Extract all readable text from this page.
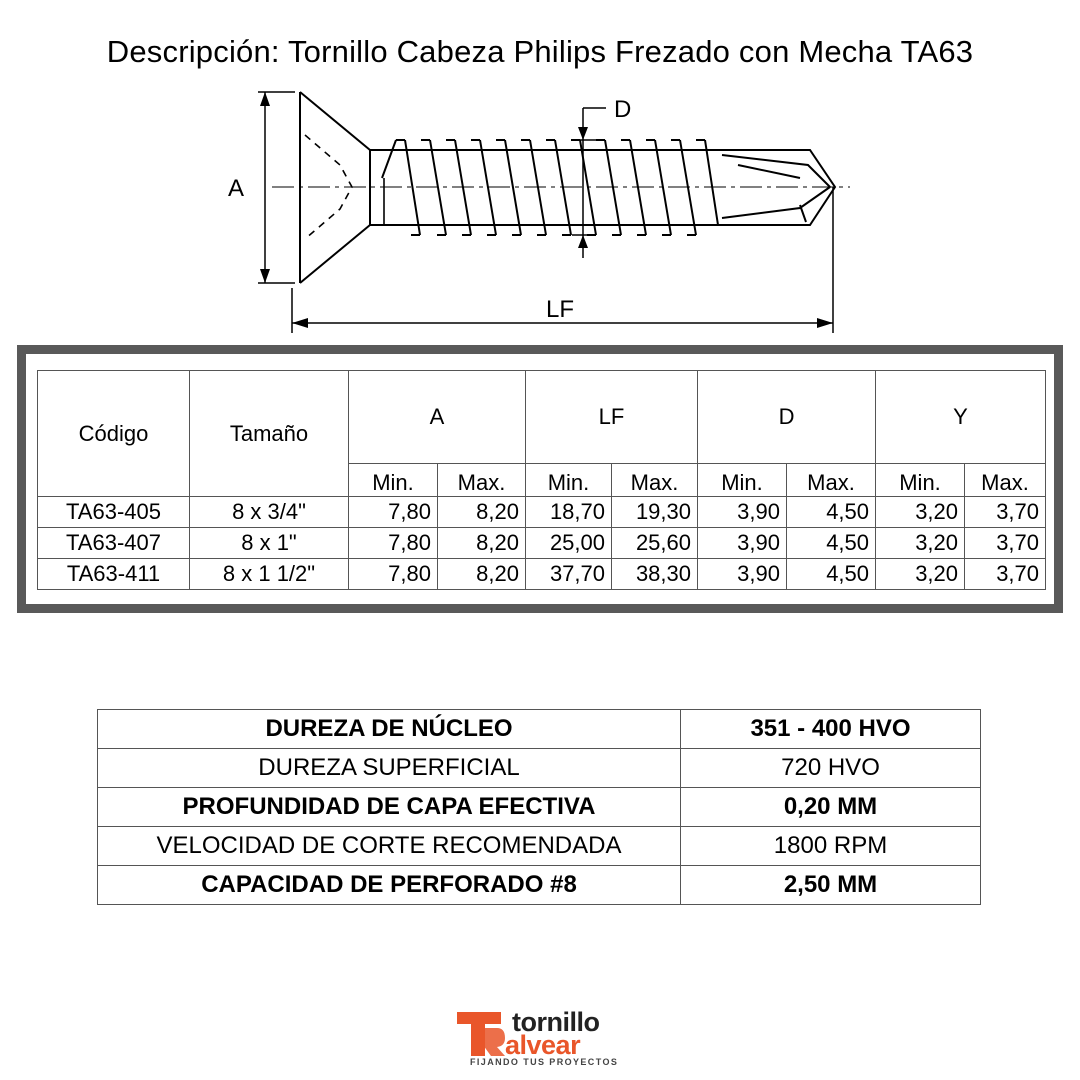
Descripción: Tornillo Cabeza Philips Frezado con Mecha TA63
A
D
LF
Código	Tamaño	A		LF		D		Y	
		Min.	Max.	Min.	Max.	Min.	Max.	Min.	Max.
TA63-405	8 x 3/4"	7,80	8,20	18,70	19,30	3,90	4,50	3,20	3,70
TA63-407	8 x 1"	7,80	8,20	25,00	25,60	3,90	4,50	3,20	3,70
TA63-411	8 x 1 1/2"	7,80	8,20	37,70	38,30	3,90	4,50	3,20	3,70
DUREZA DE NÚCLEO	351 - 400 HVO
DUREZA SUPERFICIAL	720 HVO
PROFUNDIDAD DE CAPA EFECTIVA	0,20 MM
VELOCIDAD DE CORTE RECOMENDADA	1800 RPM
CAPACIDAD DE PERFORADO #8	2,50 MM
tornillo
alvear
FIJANDO TUS PROYECTOS
